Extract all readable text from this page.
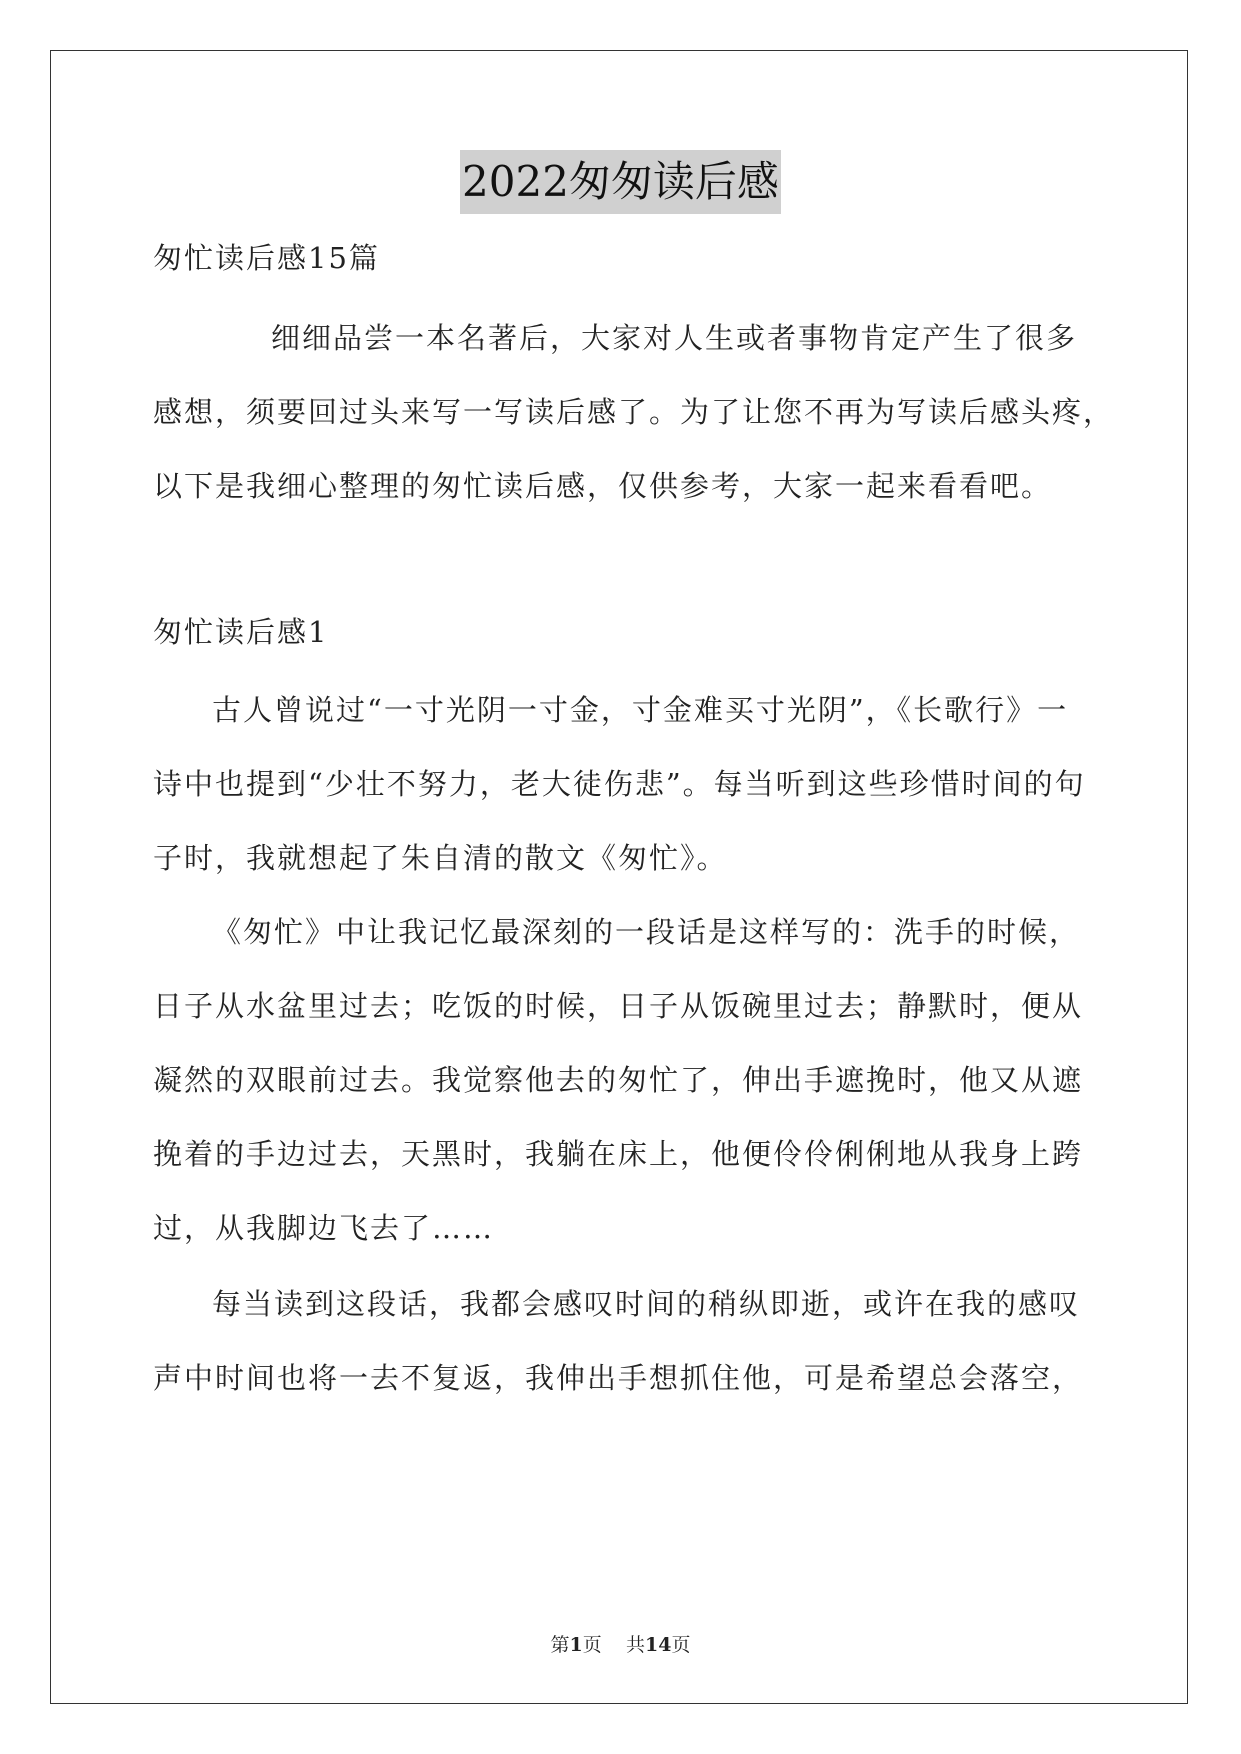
2022匆匆读后感
匆忙读后感15篇
细细品尝一本名著后，大家对人生或者事物肯定产生了很多
感想，须要回过头来写一写读后感了。为了让您不再为写读后感头疼，
以下是我细心整理的匆忙读后感，仅供参考，大家一起来看看吧。
匆忙读后感1
古人曾说过“一寸光阴一寸金，寸金难买寸光阴”，《长歌行》一
诗中也提到“少壮不努力，老大徒伤悲”。每当听到这些珍惜时间的句
子时，我就想起了朱自清的散文《匆忙》。
《匆忙》中让我记忆最深刻的一段话是这样写的：洗手的时候，
日子从水盆里过去；吃饭的时候，日子从饭碗里过去；静默时，便从
凝然的双眼前过去。我觉察他去的匆忙了，伸出手遮挽时，他又从遮
挽着的手边过去，天黑时，我躺在床上，他便伶伶俐俐地从我身上跨
过，从我脚边飞去了……
每当读到这段话，我都会感叹时间的稍纵即逝，或许在我的感叹
声中时间也将一去不复返，我伸出手想抓住他，可是希望总会落空，
第1页 共14页
